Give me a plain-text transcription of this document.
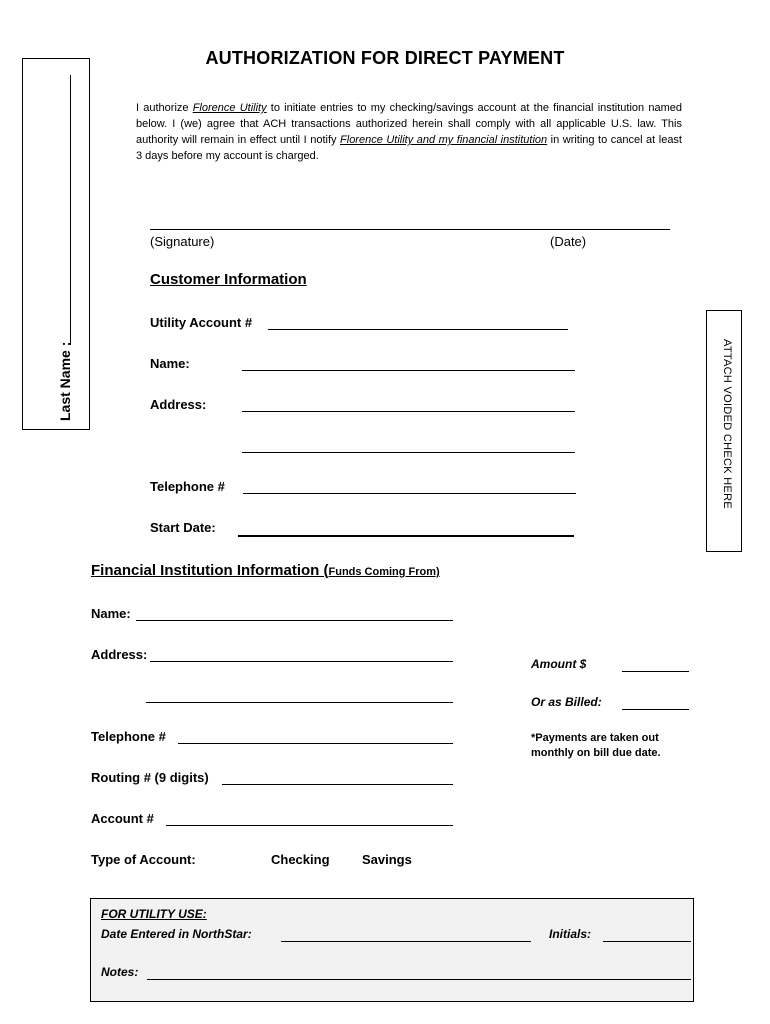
AUTHORIZATION FOR DIRECT PAYMENT
Last Name :	ATTACH VOIDED CHECK HERE
I authorize Florence Utility to initiate entries to my checking/savings account at the financial institution named below. I (we) agree that ACH transactions authorized herein shall comply with all applicable U.S. law. This authority will remain in effect until I notify Florence Utility and my financial institution in writing to cancel at least 3 days before my account is charged.
(Signature)	(Date)
Customer Information
Utility Account #
Name:
Address:
Telephone #
Start Date:
Financial Institution Information (Funds Coming From)
Name:
Address:
Telephone #
Routing # (9 digits)
Account #
Type of Account:	Checking Savings
Amount $
Or as Billed:
*Payments are taken out monthly on bill due date.
FOR UTILITY USE:
Date Entered in NorthStar:	Initials:
Notes:
